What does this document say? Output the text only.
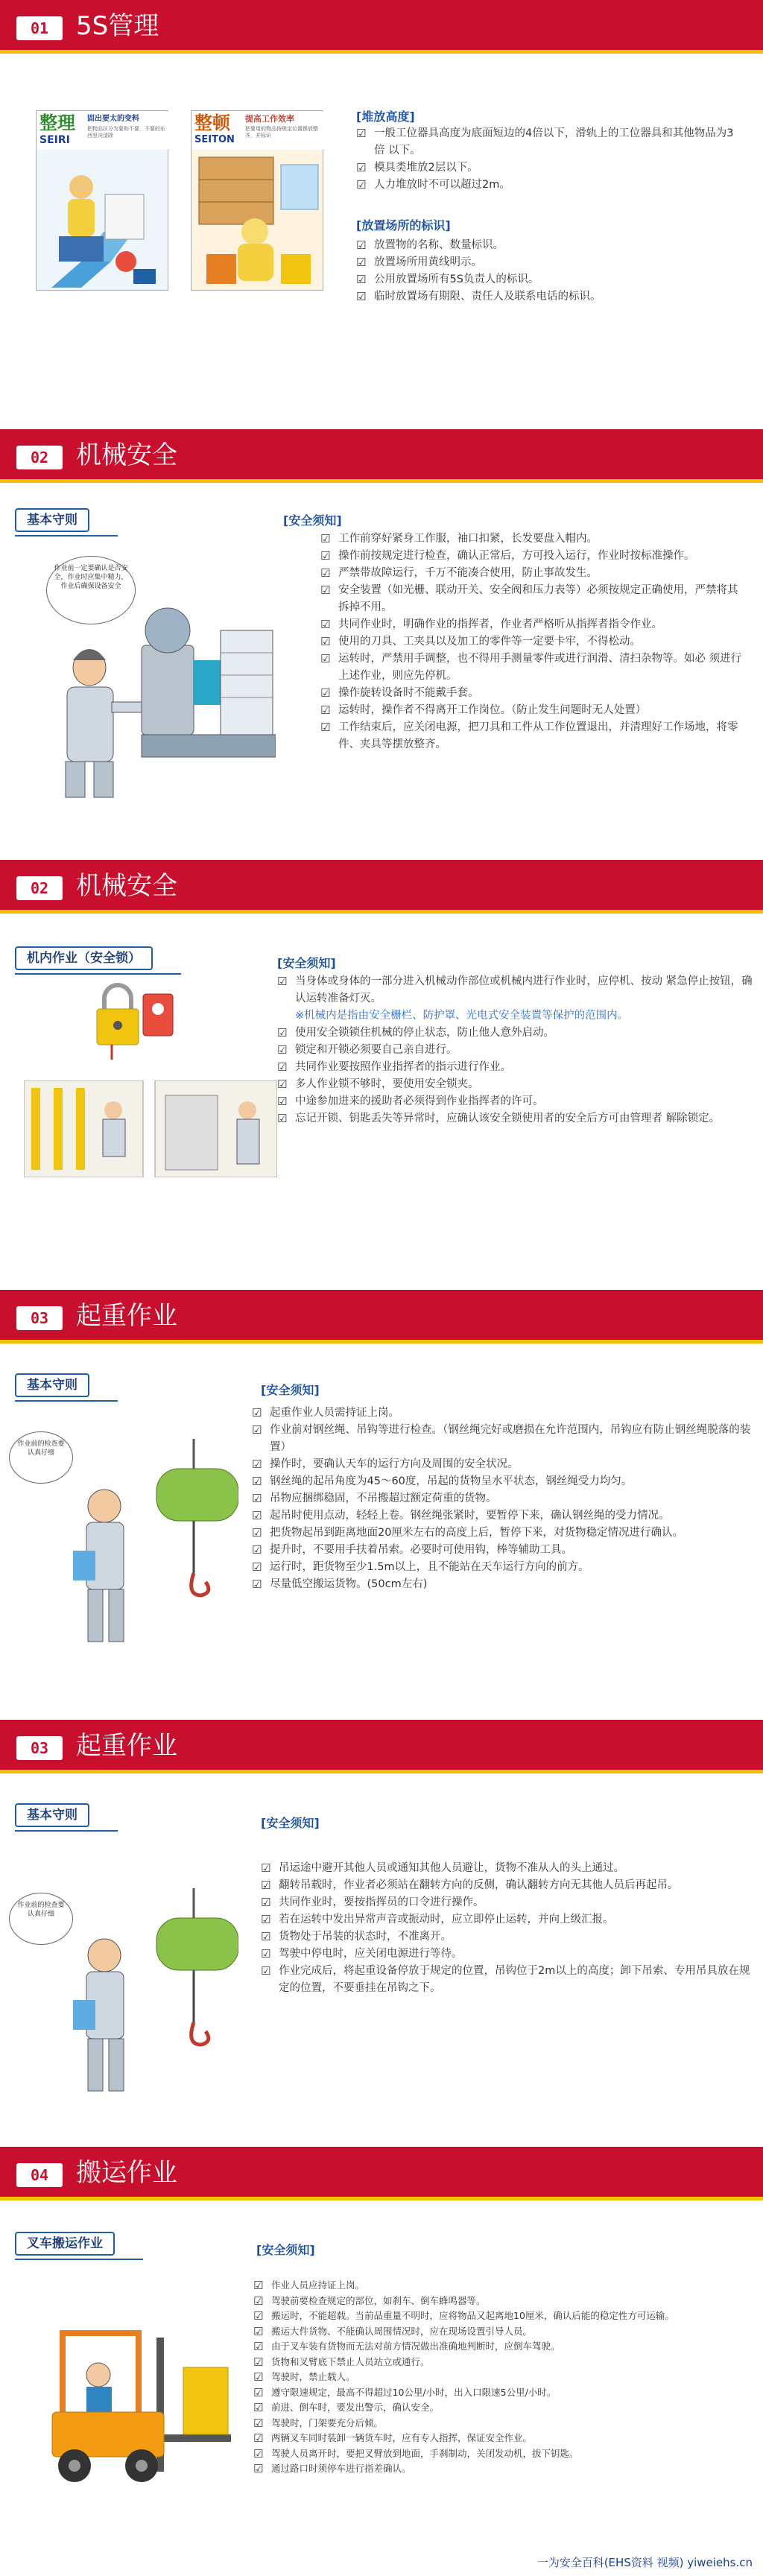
01	5S管理
整理
SEIRI
固出要太的变料
把物品区分为要和不要，不要的东西坚决清除
整顿
SEITON
提高工作效率
把要用的物品按规定位置摆放整齐，并标识
[堆放高度]
☑ 一般工位器具高度为底面短边的4倍以下，滑轨上的工位器具和其他物品为3倍 以下。
☑ 模具类堆放2层以下。
☑ 人力堆放时不可以超过2m。
[放置场所的标识]
☑ 放置物的名称、数量标识。
☑ 放置场所用黄线明示。
☑ 公用放置场所有5S负责人的标识。
☑ 临时放置场有期限、责任人及联系电话的标识。
02	机械安全
基本守则
作业前一定要确认是否安全，作业时应集中精力，作业后确保设备安全
[安全须知]
☑ 工作前穿好紧身工作服，袖口扣紧，长发要盘入帽内。
☑ 操作前按规定进行检查，确认正常后，方可投入运行，作业时按标准操作。
☑ 严禁带故障运行，千万不能凑合使用，防止事故发生。
☑ 安全装置（如光栅、联动开关、安全阀和压力表等）必须按规定正确使用，严禁将其拆掉不用。
☑ 共同作业时，明确作业的指挥者，作业者严格听从指挥者指令作业。
☑ 使用的刀具、工夹具以及加工的零件等一定要卡牢，不得松动。
☑ 运转时，严禁用手调整，也不得用手测量零件或进行润滑、清扫杂物等。如必 须进行上述作业，则应先停机。
☑ 操作旋转设备时不能戴手套。
☑ 运转时，操作者不得离开工作岗位。（防止发生问题时无人处置）
☑ 工作结束后，应关闭电源，把刀具和工件从工作位置退出，并清理好工作场地，将零件、夹具等摆放整齐。
02	机械安全
机内作业（安全锁）	[安全须知]
☑ 当身体或身体的一部分进入机械动作部位或机械内进行作业时，应停机、按动 紧急停止按钮，确认运转准备灯灭。
※机械内是指由安全栅栏、防护罩、光电式安全装置等保护的范围内。
☑ 使用安全锁锁住机械的停止状态，防止他人意外启动。
☑ 锁定和开锁必须要自己亲自进行。
☑ 共同作业要按照作业指挥者的指示进行作业。
☑ 多人作业锁不够时，要使用安全锁夹。
☑ 中途参加进来的援助者必须得到作业指挥者的许可。
☑ 忘记开锁、钥匙丢失等异常时，应确认该安全锁使用者的安全后方可由管理者 解除锁定。
03	起重作业
基本守则
作业前的检查要认真仔细
[安全须知]
☑ 起重作业人员需持证上岗。
☑ 作业前对钢丝绳、吊钩等进行检查。（钢丝绳完好或磨损在允许范围内，吊钩应有防止钢丝绳脱落的装置）
☑ 操作时，要确认天车的运行方向及周围的安全状况。
☑ 钢丝绳的起吊角度为45～60度，吊起的货物呈水平状态，钢丝绳受力均匀。
☑ 吊物应捆绑稳固，不吊搬超过额定荷重的货物。
☑ 起吊时使用点动，轻轻上卷。钢丝绳张紧时，要暂停下来，确认钢丝绳的受力情况。
☑ 把货物起吊到距离地面20厘米左右的高度上后，暂停下来，对货物稳定情况进行确认。
☑ 提升时，不要用手扶着吊索。必要时可使用钩，棒等辅助工具。
☑ 运行时，距货物至少1.5m以上，且不能站在天车运行方向的前方。
☑ 尽量低空搬运货物。(50cm左右)
03	起重作业
基本守则
作业前的检查要认真仔细
[安全须知]
☑ 吊运途中避开其他人员或通知其他人员避让，货物不准从人的头上通过。
☑ 翻转吊载时，作业者必须站在翻转方向的反侧，确认翻转方向无其他人员后再起吊。
☑ 共同作业时，要按指挥员的口令进行操作。
☑ 若在运转中发出异常声音或振动时，应立即停止运转，并向上级汇报。
☑ 货物处于吊装的状态时，不准离开。
☑ 驾驶中停电时，应关闭电源进行等待。
☑ 作业完成后，将起重设备停放于规定的位置，吊钩位于2m以上的高度；卸下吊索、专用吊具放在规定的位置，不要垂挂在吊钩之下。
04	搬运作业
叉车搬运作业	[安全须知]
☑ 作业人员应持证上岗。
☑ 驾驶前要检查规定的部位，如刹车、倒车蜂鸣器等。
☑ 搬运时，不能超载。当前品重量不明时，应将物品又起离地10厘米，确认后能的稳定性方可运输。
☑ 搬运大件货物、不能确认周围情况时，应在现场设置引导人员。
☑ 由于叉车装有货物而无法对前方情况做出准确地判断时，应倒车驾驶。
☑ 货物和叉臂底下禁止人员站立或通行。
☑ 驾驶时，禁止载人。
☑ 遵守限速规定，最高不得超过10公里/小时，出入口限速5公里/小时。
☑ 前进、倒车时，要发出警示，确认安全。
☑ 驾驶时，门架要充分后倾。
☑ 两辆叉车同时装卸一辆货车时，应有专人指挥，保证安全作业。
☑ 驾驶人员离开时，要把叉臂放到地面，手刹制动，关闭发动机，拔下钥匙。
☑ 通过路口时须停车进行指差确认。
一为安全百科(EHS资料 视频) yiweiehs.cn
